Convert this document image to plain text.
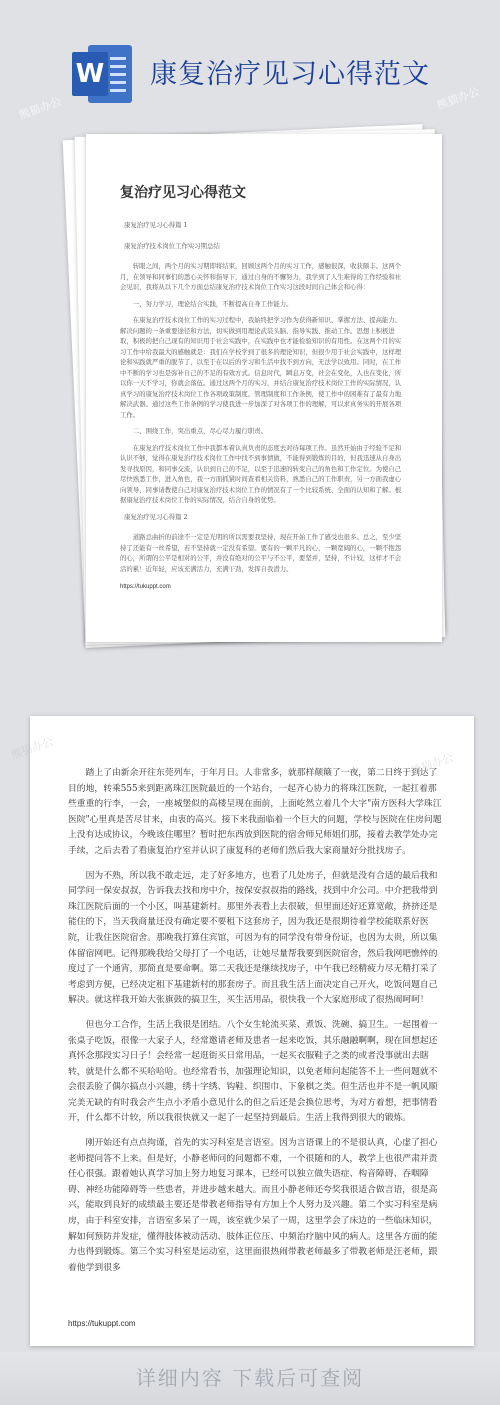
W 康复治疗见习心得范文
熊猫办公	熊猫办公
复治疗见习心得范文

康复治疗见习心得篇 1

康复治疗技术岗位工作实习期总结

转眼之间，两个月的实习期即将结束，回顾这两个月的实习工作，感触很深，收获颇丰。这两个月，在领导和同事们的悉心关怀和指导下，通过自身的不懈努力，我学到了人生难得的工作经验和社会见识，我将从以下几个方面总结康复治疗技术岗位工作实习这段时间自己体会和心得：

一、努力学习，理论结合实践，不断提高自身工作能力。

在康复治疗技术岗位工作的实习过程中，我始终把学习作为获得新知识、掌握方法、提高能力、解决问题的一条重要途径和方法，切实做到用理论武装头脑、指导实践、推动工作。思想上积极进取，积极的把自己现有的知识用于社会实践中，在实践中也才能检验知识的有用性。在这两个月的实习工作中给我最大的感触就是：我们在学校学到了很多的理论知识，但很少用于社会实践中，这样理论和实践就严重的脱节了，以至于在以后的学习和生活中找不到方向，无法学以致用。同时，在工作中不断的学习也是弥补自己的不足的有效方式。信息时代，瞬息万变，社会在变化，人也在变化，所以你一天不学习，你就会落伍。通过这两个月的实习，并结合康复治疗技术岗位工作的实际情况，认真学习的康复治疗技术岗位工作各项政策制度、管理制度和工作条例，使工作中的困难有了最有力地解决武器。通过这些工作条例的学习使我进一步加深了对各项工作的理解，可以求真务实的开展各项工作。

二、围绕工作，突出重点，尽心尽力履行职责。

在康复治疗技术岗位工作中我都本着认真负责的态度去对待每项工作。虽然开始由于经验不足和认识不够，觉得在康复治疗技术岗位工作中找不到事情做，不能得到锻炼的目的，但我迅速从自身出发寻找原因，和同事交流，认识到自己的不足，以至于迅速的转变自己的角色和工作定位。为使自己尽快熟悉工作，进入角色，我一方面抓紧时间查看相关资料，熟悉自己的工作职责，另一方面我虚心向领导、同事请教使自己对康复治疗技术岗位工作的情况有了一个比较系统、全面的认知和了解。根据康复治疗技术岗位工作的实际情况，结合自身的优势。

康复治疗见习心得篇 2

道路总曲折的前途不一定是光明的所以需要我坚持，现在开始工作了感受也很多。总之，至少坚持了还能有一丝希望，若不坚持就一定没有希望。要有的一颗平凡的心，一颗宽阔的心，一颗不抱怨的心，所谓的公平是相对的公平，并没有绝对的公平与不公平，要坚并，坚持，不计较，这样才不会活的累！近年轻，应该充满活力，充满干劲，发挥自我潜力。

https://tukuppt.com
熊猫办公
熊猫办公

踏上了由新余开往东莞列车，于年月日。人非常多，就那样颠簸了一夜，第二日终于到达了目的地，转乘555来到距离珠江医院最近的一个站台，一起齐心协力的将珠江医院，一起扛着那些重重的行李，一会，一座城堡似的高楼呈现在面前，上面屹然立着几个大字"南方医科大学珠江医院"心里真是苦尽甘来，由衷的高兴。接下来我面临着一个巨大的问题，学校与医院在住房问题上没有达成协议，今晚该住哪里？暂时把东西放到医院的宿舍师兄师姐们那，接着去教学处办完手续，之后去看了看康复治疗室并认识了康复科的老师们然后我大家商量好分批找房子。

因为不熟，所以我不敢走远，走了好多地方，也看了几处房子，但就是没有合适的最后我和同学问一保安叔叔，告诉我去找和房中介，按保安叔叔指的路线，找到中介公司。中介把我带到珠江医院后面的一个小区，叫基建新村。那里外表看上去很破，但里面还好还算宽敞，挤挤还是能住的下，当天我商量还没有确定要不要租下这套房子，因为我还是很期待着学校能联系好医院，让我住医院宿舍。那晚我打算住宾馆，可因为有的同学没有带身份证，也因为太贵，所以集体留宿网吧。记得那晚我给父母打了一个电话，让她尽量帮我要到医院宿舍，然后我网吧憔悴的度过了一个通宵，那简直是要命啊。第二天我还是继续找房子，中午我已经精疲力尽无精打采了考虑到方便，已经决定租下基建新村的那套房子。而且我生活上面决定自己开火，吃饭问题自己解决。就这样我开始大张旗鼓的搞卫生，买生活用品，很快我一个大家庭形成了很热闹呵呵！

但也分工合作，生活上我很是团结。八个女生轮流买菜、煮饭、洗碗、搞卫生。一起围着一张桌子吃饭，很像一大家子人，经常邀请老师及患者一起来吃饭，其乐融融啊啊，现在回想起还真怀念那段实习日子！会经常一起逛街买日常用品，一起买衣服鞋子之类的或者没事就出去瞎转，就是什么都不买哈哈哈。也经常看书，加强理论知识，以免老师问起能答不上一些问题就不会很丢脸了偶尔搞点小兴趣，绣十字绣、钩鞋、织围巾、下象棋之类。但生活也并不是一帆风顺完美无缺的有时我会产生点小矛盾小意见什么的但之后还是会换位思考，为对方着想，把事情看开，什么都不计较，所以我很快就又一起了一起坚持到最后。生活上我得到很大的锻炼。

刚开始还有点点拘谨，首先的实习科室是言语室。因为言语课上的不是很认真，心虚了担心老师提问答不上来。但是好，小静老师问的问题都不难，一个很随和的人，教学上也很严肃并责任心很强。跟着她认真学习加上努力地复习课本，已经可以独立做失语症、构音障碍、吞咽障碍、神经功能障碍等一些患者，并进步越来越大。而且小静老师还夸奖我很适合做言语，很是高兴，能取到良好的成绩最主要还是带教老师指导有方加上个人努力及兴趣。第二个实习科室是病房，由于科室安排，言语室多呆了一周，该室就少呆了一周，这里学会了床边的一些临床知识，解如何预防并发症，懂得肢体被动活动、肢体正位压、中频治疗脑中风的病人。这里各方面的能力也得到锻炼。第三个实习科室是运动室，这里面很热闹带教老师最多了带教老师是汪老师，跟着他学到很多

https://tukuppt.com
详细内容 下载后可查阅
